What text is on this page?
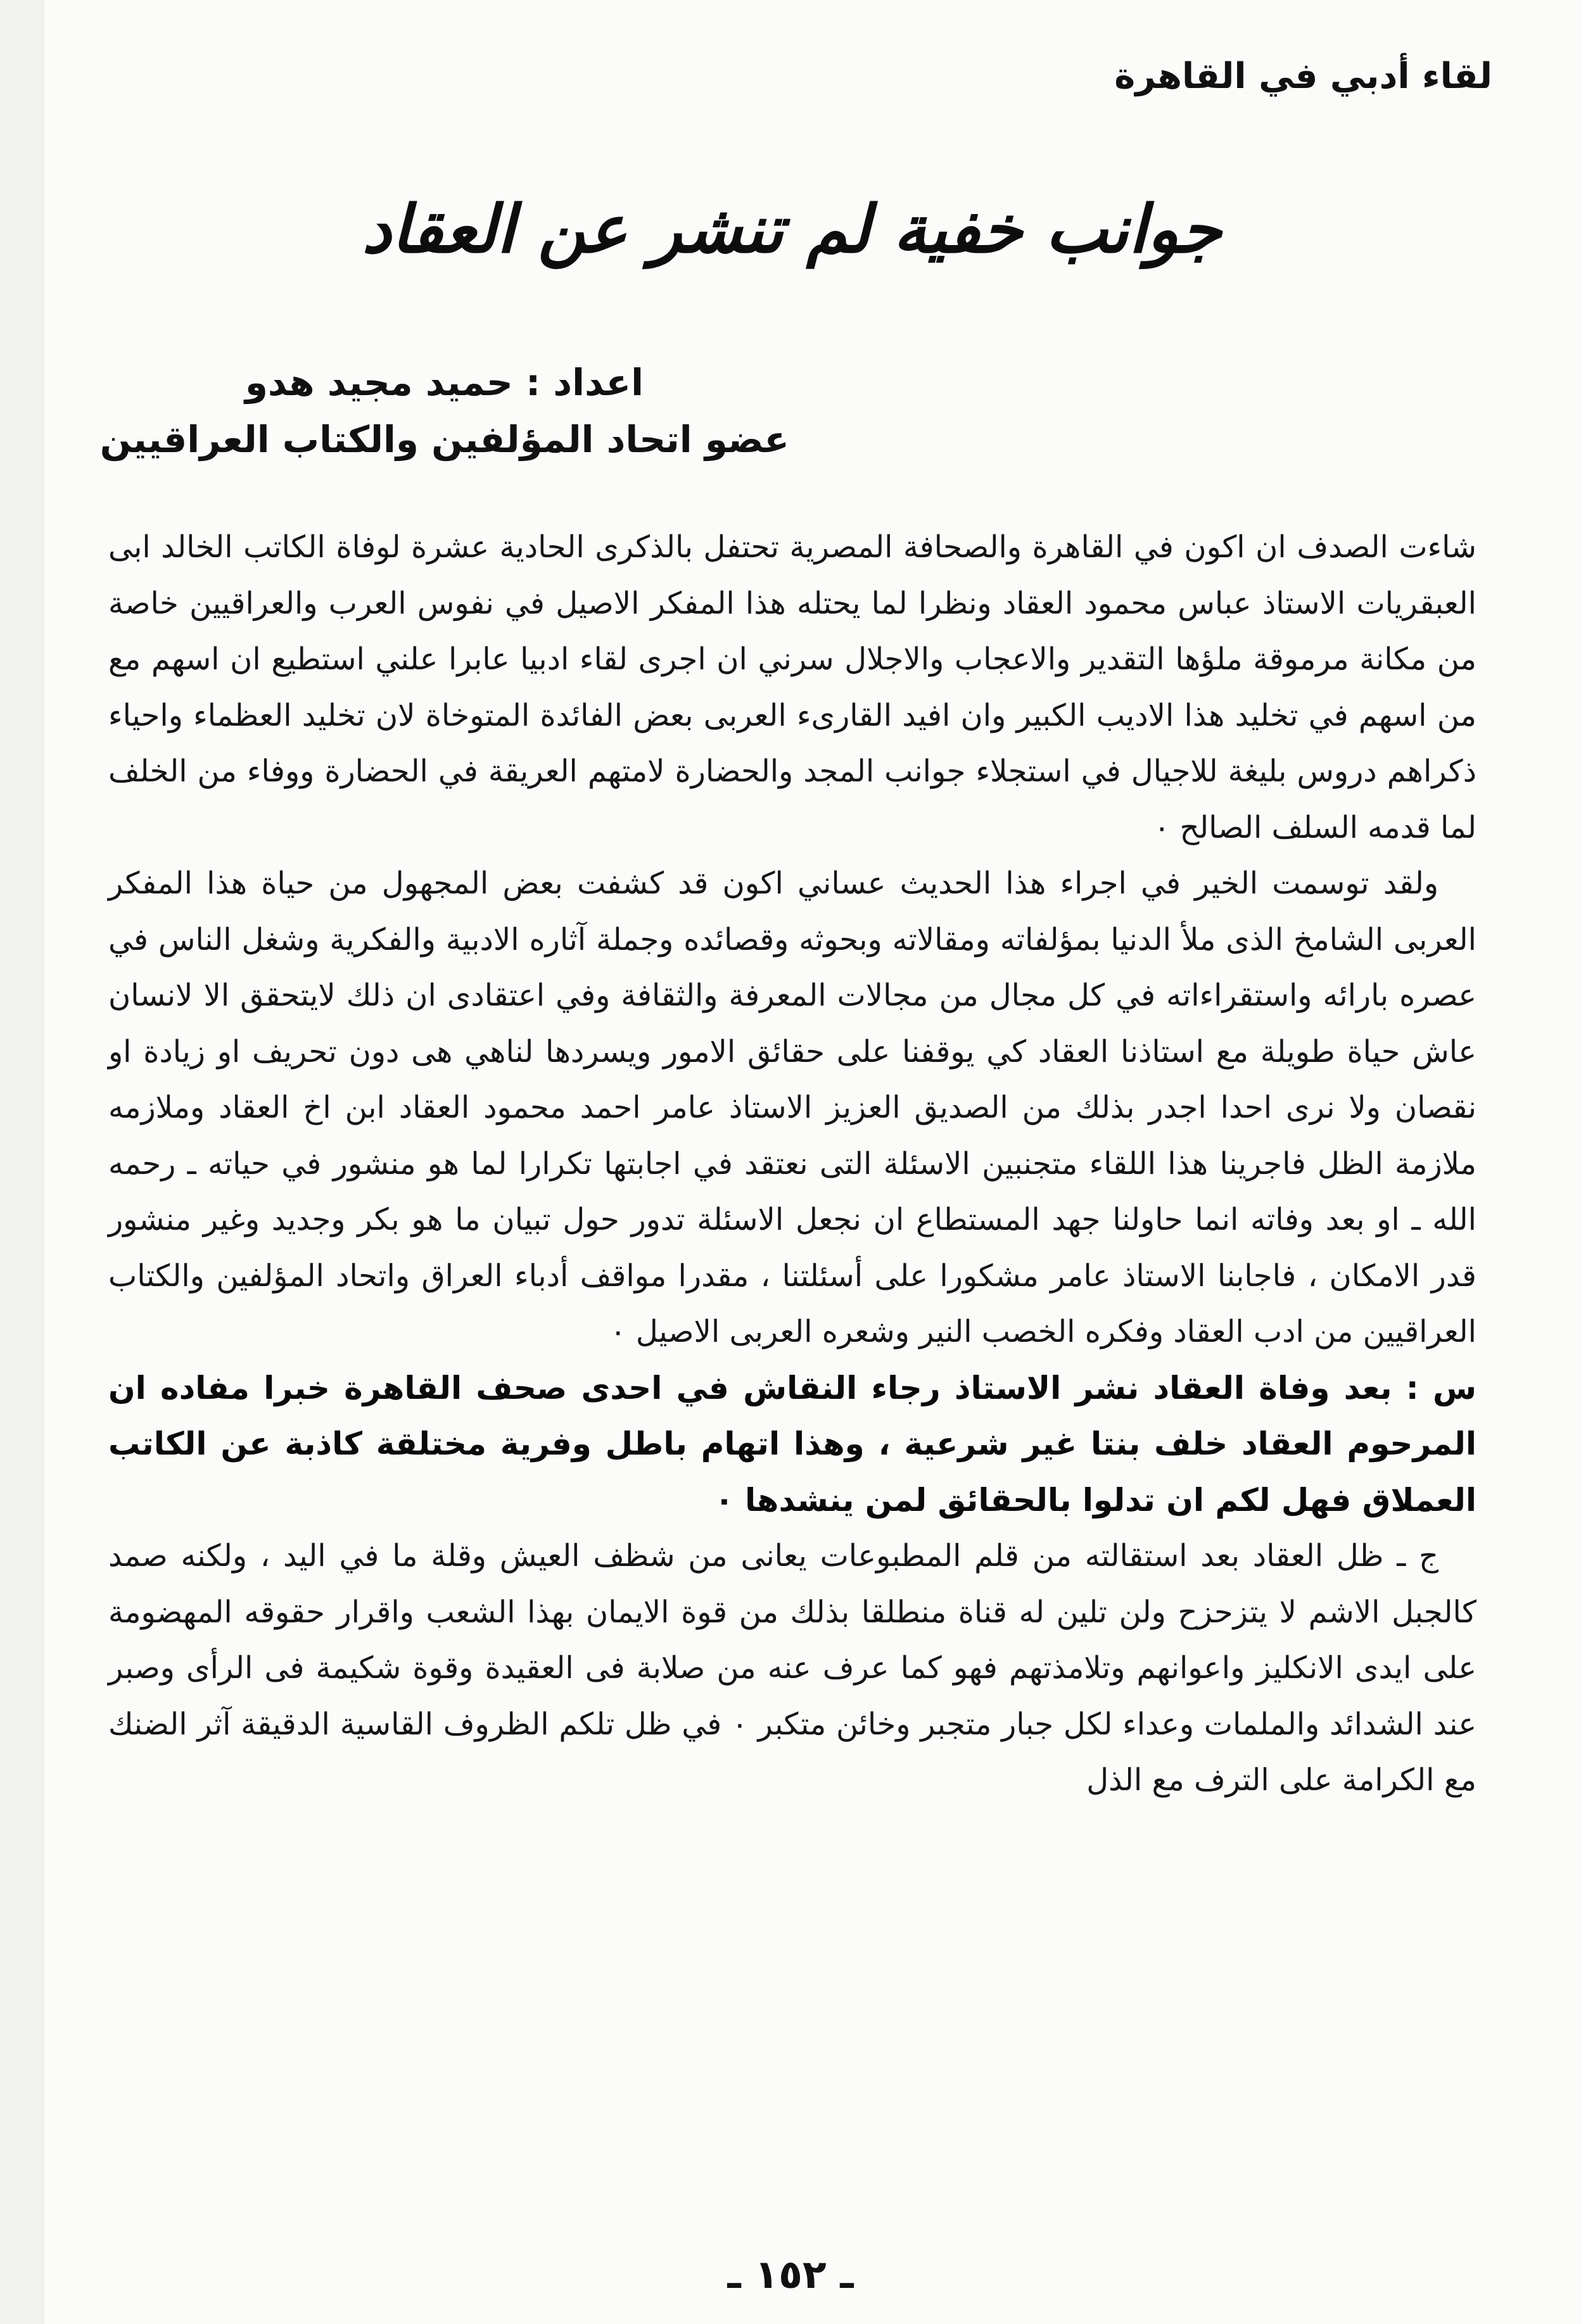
لقاء أدبي في القاهرة
جوانب خفية لم تنشر عن العقاد
اعداد : حميد مجيد هدو
عضو اتحاد المؤلفين والكتاب العراقيين

شاءت الصدف ان اكون في القاهرة والصحافة المصرية تحتفل بالذكرى الحادية عشرة لوفاة الكاتب الخالد ابى العبقريات الاستاذ عباس محمود العقاد ونظرا لما يحتله هذا المفكر الاصيل في نفوس العرب والعراقيين خاصة من مكانة مرموقة ملؤها التقدير والاعجاب والاجلال سرني ان اجرى لقاء ادبيا عابرا علني استطيع ان اسهم مع من اسهم في تخليد هذا الاديب الكبير وان افيد القارىء العربى بعض الفائدة المتوخاة لان تخليد العظماء واحياء ذكراهم دروس بليغة للاجيال في استجلاء جوانب المجد والحضارة لامتهم العريقة في الحضارة ووفاء من الخلف لما قدمه السلف الصالح ٠

ولقد توسمت الخير في اجراء هذا الحديث عساني اكون قد كشفت بعض المجهول من حياة هذا المفكر العربى الشامخ الذى ملأ الدنيا بمؤلفاته ومقالاته وبحوثه وقصائده وجملة آثاره الادبية والفكرية وشغل الناس في عصره بارائه واستقراءاته في كل مجال من مجالات المعرفة والثقافة وفي اعتقادى ان ذلك لايتحقق الا لانسان عاش حياة طويلة مع استاذنا العقاد كي يوقفنا على حقائق الامور ويسردها لناهي هى دون تحريف او زيادة او نقصان ولا نرى احدا اجدر بذلك من الصديق العزيز الاستاذ عامر احمد محمود العقاد ابن اخ العقاد وملازمه ملازمة الظل فاجرينا هذا اللقاء متجنبين الاسئلة التى نعتقد في اجابتها تكرارا لما هو منشور في حياته ـ رحمه الله ـ او بعد وفاته انما حاولنا جهد المستطاع ان نجعل الاسئلة تدور حول تبيان ما هو بكر وجديد وغير منشور قدر الامكان ، فاجابنا الاستاذ عامر مشكورا على أسئلتنا ، مقدرا مواقف أدباء العراق واتحاد المؤلفين والكتاب العراقيين من ادب العقاد وفكره الخصب النير وشعره العربى الاصيل ٠

س : بعد وفاة العقاد نشر الاستاذ رجاء النقاش في احدى صحف القاهرة خبرا مفاده ان المرحوم العقاد خلف بنتا غير شرعية ، وهذا اتهام باطل وفرية مختلقة كاذبة عن الكاتب العملاق فهل لكم ان تدلوا بالحقائق لمن ينشدها ٠

ج ـ ظل العقاد بعد استقالته من قلم المطبوعات يعانى من شظف العيش وقلة ما في اليد ، ولكنه صمد كالجبل الاشم لا يتزحزح ولن تلين له قناة منطلقا بذلك من قوة الايمان بهذا الشعب واقرار حقوقه المهضومة على ايدى الانكليز واعوانهم وتلامذتهم فهو كما عرف عنه من صلابة فى العقيدة وقوة شكيمة فى الرأى وصبر عند الشدائد والملمات وعداء لكل جبار متجبر وخائن متكبر ٠ في ظل تلكم الظروف القاسية الدقيقة آثر الضنك مع الكرامة على الترف مع الذل

ـ ١٥٢ ـ
